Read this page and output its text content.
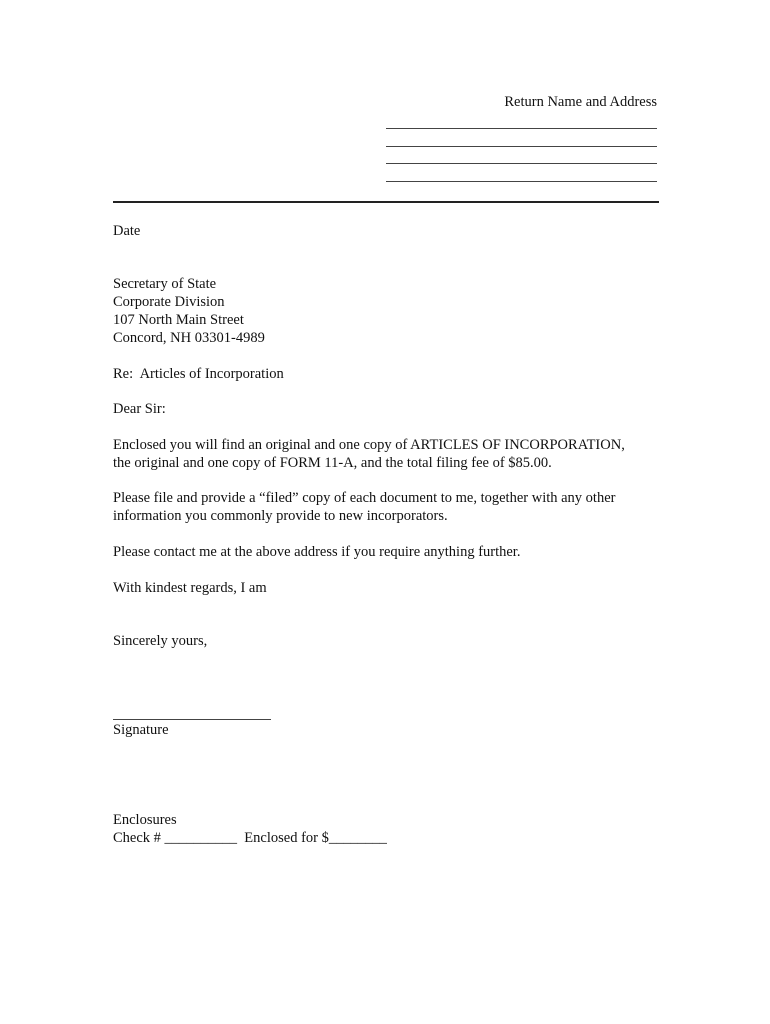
Return Name and Address
Date
Secretary of State
Corporate Division
107 North Main Street
Concord, NH 03301-4989
Re:  Articles of Incorporation
Dear Sir:
Enclosed you will find an original and one copy of ARTICLES OF INCORPORATION,
the original and one copy of FORM 11-A, and the total filing fee of $85.00.
Please file and provide a “filed” copy of each document to me, together with any other
information you commonly provide to new incorporators.
Please contact me at the above address if you require anything further.
With kindest regards, I am
Sincerely yours,
Signature
Enclosures
Check # __________  Enclosed for $________
